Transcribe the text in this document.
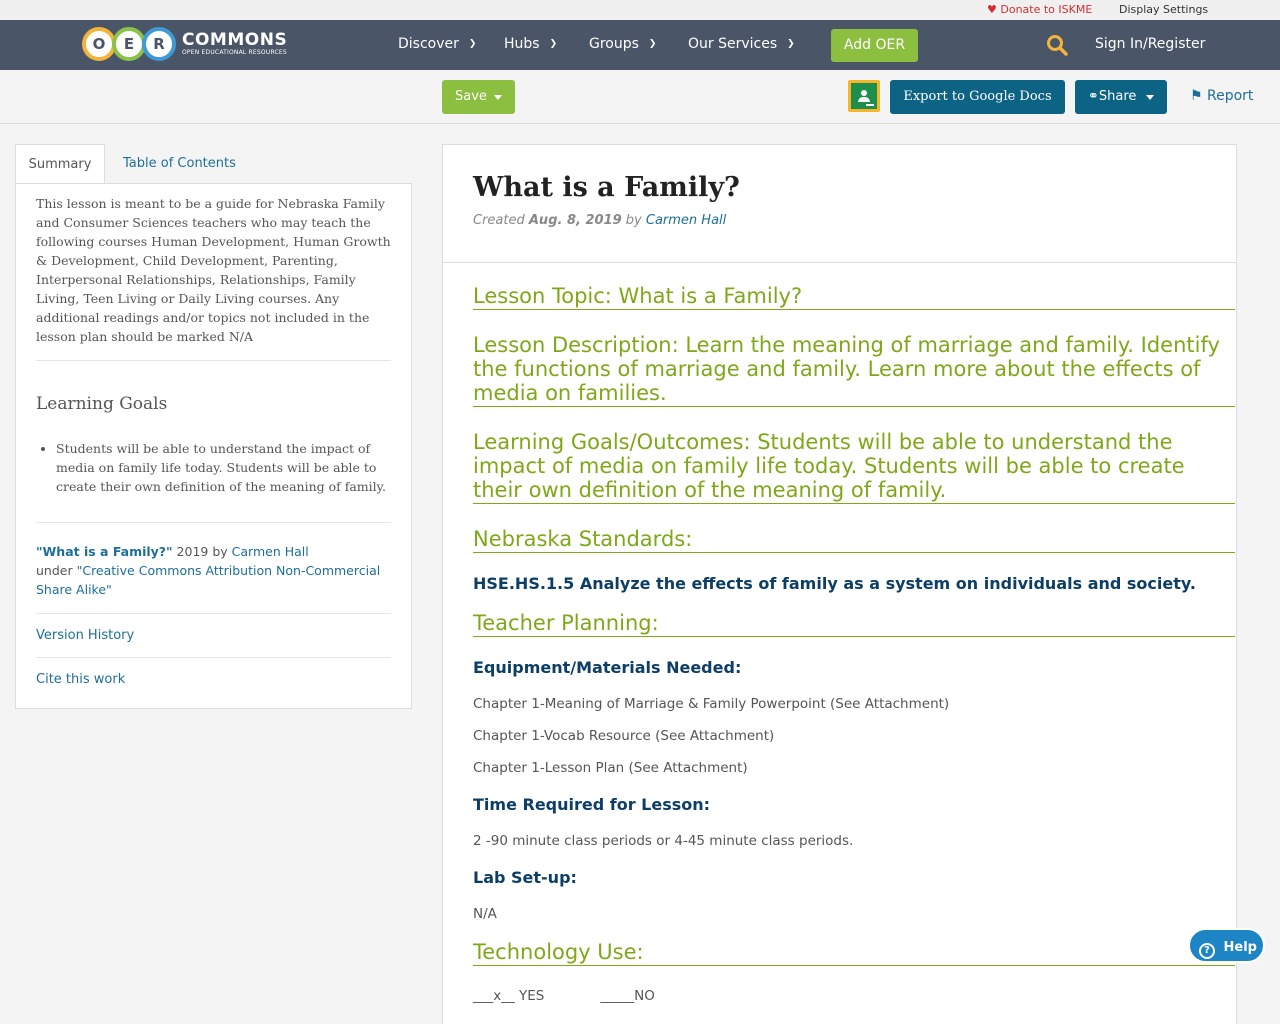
♥ Donate to ISKME Display Settings
O	E	R	COMMONS
OPEN EDUCATIONAL RESOURCES	Discover ❯ Hubs ❯ Groups ❯ Our Services ❯	Add OER	Sign In/Register
Save	Export to Google Docs	⚭Share	⚑ Report
Summary	Table of Contents
This lesson is meant to be a guide for Nebraska Family and Consumer Sciences teachers who may teach the following courses Human Development, Human Growth & Development, Child Development, Parenting, Interpersonal Relationships, Relationships, Family Living, Teen Living or Daily Living courses. Any additional readings and/or topics not included in the lesson plan should be marked N/A
Learning Goals
• Students will be able to understand the impact of media on family life today. Students will be able to create their own definition of the meaning of family.
"What is a Family?" 2019 by Carmen Hall
under "Creative Commons Attribution Non-Commercial Share Alike"
Version History
Cite this work
What is a Family?
Created Aug. 8, 2019 by Carmen Hall
Lesson Topic: What is a Family?
Lesson Description: Learn the meaning of marriage and family. Identify the functions of marriage and family. Learn more about the effects of media on families.
Learning Goals/Outcomes: Students will be able to understand the impact of media on family life today. Students will be able to create their own definition of the meaning of family.
Nebraska Standards:
HSE.HS.1.5 Analyze the effects of family as a system on individuals and society.
Teacher Planning:
Equipment/Materials Needed:
Chapter 1-Meaning of Marriage & Family Powerpoint (See Attachment)
Chapter 1-Vocab Resource (See Attachment)
Chapter 1-Lesson Plan (See Attachment)
Time Required for Lesson:
2 -90 minute class periods or 4-45 minute class periods.
Lab Set-up:
N/A
Technology Use:
___x__ YES	_____NO
? Help
